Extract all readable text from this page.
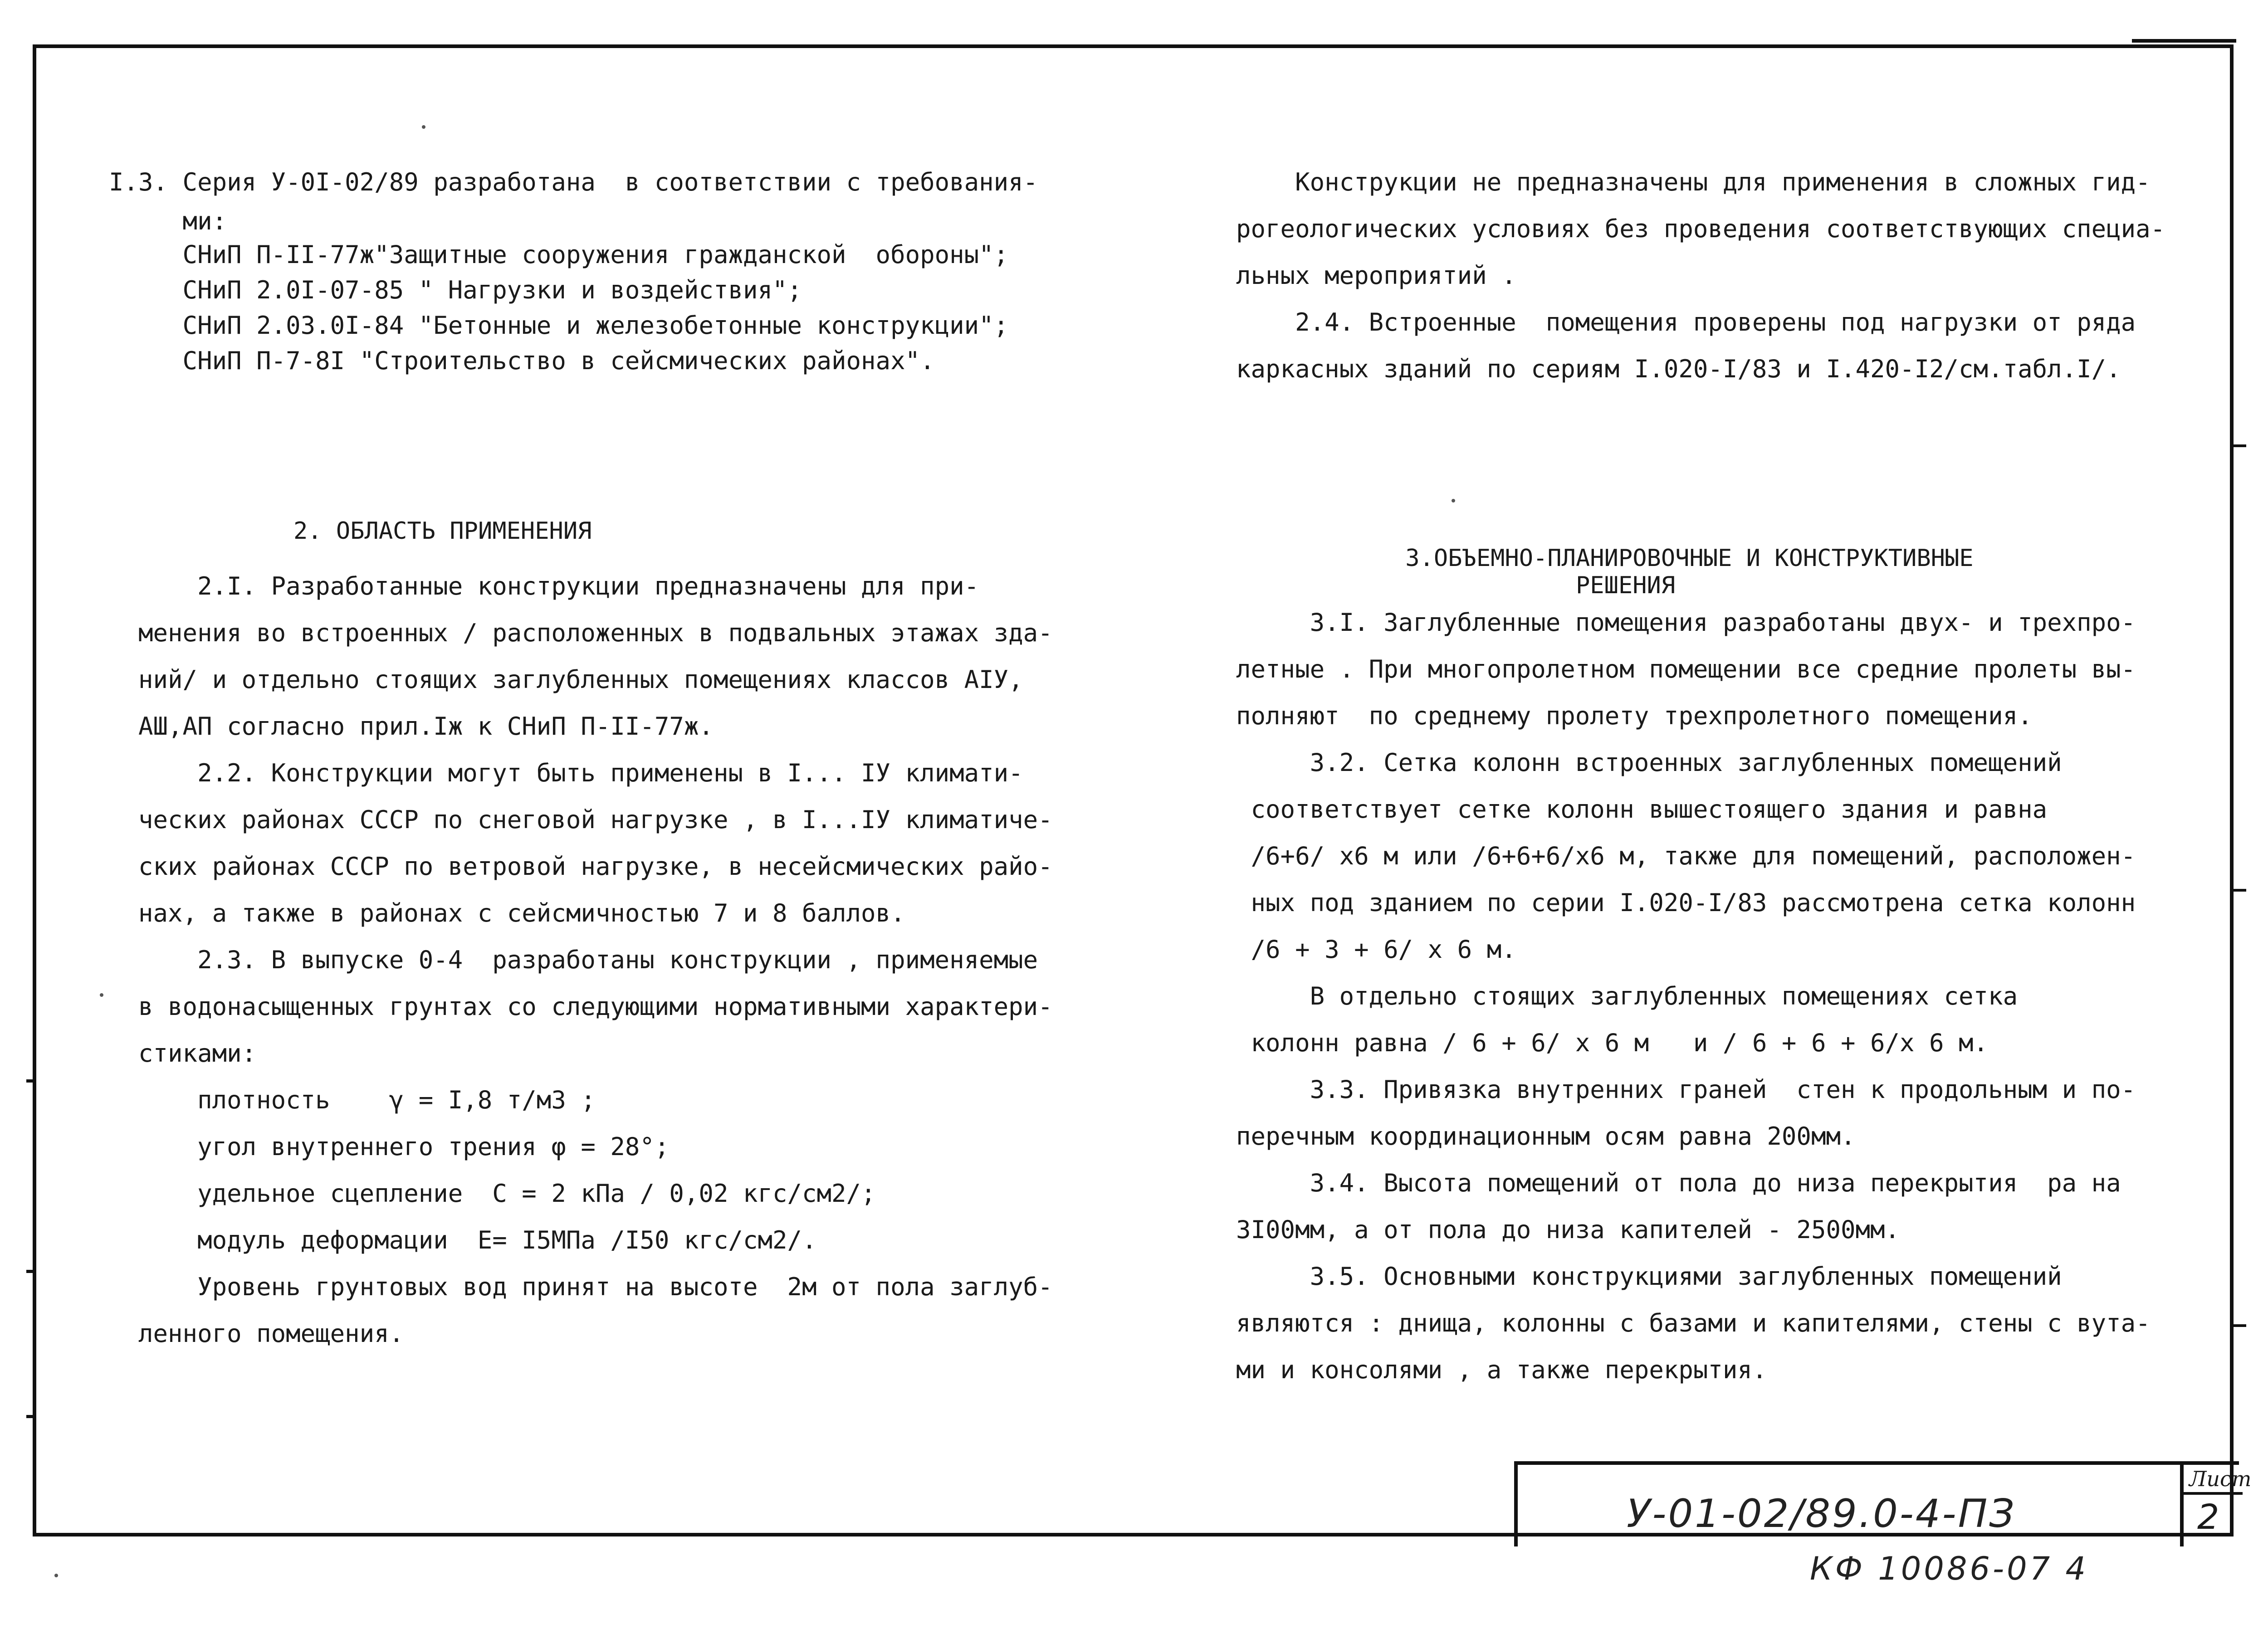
I.3. Серия У-0I-02/89 разработана  в соответствии с требования-

ми:

СНиП П-II-77ж"Защитные сооружения гражданской  обороны";

СНиП 2.0I-07-85 " Нагрузки и воздействия";

СНиП 2.03.0I-84 "Бетонные и железобетонные конструкции";

СНиП П-7-8I "Строительство в сейсмических районах".

2. ОБЛАСТЬ ПРИМЕНЕНИЯ

2.I. Разработанные конструкции предназначены для при-

менения во встроенных / расположенных в подвальных этажах зда-

ний/ и отдельно стоящих заглубленных помещениях классов АIУ,

АШ,АП согласно прил.Iж к СНиП П-II-77ж.

2.2. Конструкции могут быть применены в I... IУ климати-

ческих районах СССР по снеговой нагрузке , в I...IУ климатиче-

ских районах СССР по ветровой нагрузке, в несейсмических райо-

нах, а также в районах с сейсмичностью 7 и 8 баллов.

2.3. В выпуске 0-4  разработаны конструкции , применяемые

в водонасыщенных грунтах со следующими нормативными характери-

стиками:

плотность    γ = I,8 т/м3 ;

угол внутреннего трения φ = 28°;

удельное сцепление  С = 2 кПа / 0,02 кгс/см2/;

модуль деформации  Е= I5МПа /I50 кгс/см2/.

Уровень грунтовых вод принят на высоте  2м от пола заглуб-

ленного помещения.

Конструкции не предназначены для применения в сложных гид-

рогеологических условиях без проведения соответствующих специа-

льных мероприятий .

2.4. Встроенные  помещения проверены под нагрузки от ряда

каркасных зданий по сериям I.020-I/83 и I.420-I2/см.табл.I/.

3.ОБЪЕМНО-ПЛАНИРОВОЧНЫЕ И КОНСТРУКТИВНЫЕ

РЕШЕНИЯ

3.I. Заглубленные помещения разработаны двух- и трехпро-

летные . При многопролетном помещении все средние пролеты вы-

полняют  по среднему пролету трехпролетного помещения.

3.2. Сетка колонн встроенных заглубленных помещений

соответствует сетке колонн вышестоящего здания и равна

/6+6/ х6 м или /6+6+6/х6 м, также для помещений, расположен-

ных под зданием по серии I.020-I/83 рассмотрена сетка колонн

/6 + 3 + 6/ х 6 м.

В отдельно стоящих заглубленных помещениях сетка

колонн равна / 6 + 6/ х 6 м   и / 6 + 6 + 6/х 6 м.

3.3. Привязка внутренних граней  стен к продольным и по-

перечным координационным осям равна 200мм.

3.4. Высота помещений от пола до низа перекрытия  ра на

3I00мм, а от пола до низа капителей - 2500мм.

3.5. Основными конструкциями заглубленных помещений

являются : днища, колонны с базами и капителями, стены с вута-

ми и консолями , а также перекрытия.

У-01-02/89.0-4-ПЗ
Лист
2
КФ 10086-07 4
